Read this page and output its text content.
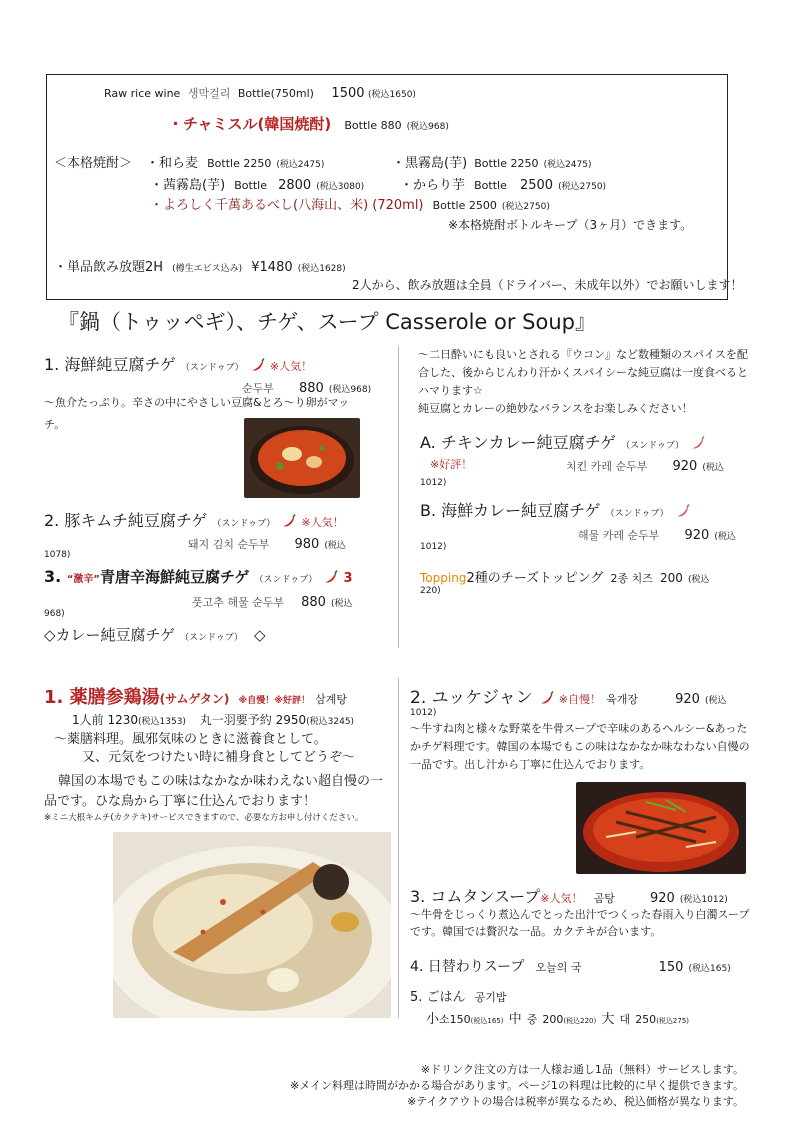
Raw rice wine 생막걸리 Bottle(750ml) 1500 (税込1650)
・チャミスル(韓国焼酎) Bottle 880 (税込968)
＜本格焼酎＞ ・和ら麦 Bottle 2250 (税込2475)	・黒霧島(芋) Bottle 2250 (税込2475)
・茜霧島(芋) Bottle 2800 (税込3080)	・からり芋 Bottle 2500 (税込2750)
・よろしく千萬あるべし(八海山、米) (720ml) Bottle 2500 (税込2750)
※本格焼酎ボトルキープ（3ヶ月）できます。
・単品飲み放題2H (樽生エビス込み) ¥1480 (税込1628)
2人から、飲み放題は全員（ドライバー、未成年以外）でお願いします！
『鍋（トゥッペギ）、チゲ、スープ Casserole or Soup』
1. 海鮮純豆腐チゲ （スンドゥブ） ※人気！
순두부 880 (税込968)
～魚介たっぷり。辛さの中にやさしい豆腐&とろ～り卵がマッチ。
2. 豚キムチ純豆腐チゲ （スンドゥブ） ※人気！
돼지 김치 순두부 980 (税込
1078)
3. “激辛”青唐辛海鮮純豆腐チゲ （スンドゥブ） 3
풋고추 해물 순두부 880 (税込
968)
◇カレー純豆腐チゲ （スンドゥブ） ◇
～二日酔いにも良いとされる『ウコン』など数種類のスパイスを配合した、後からじんわり汗かくスパイシーな純豆腐は一度食べるとハマります☆
純豆腐とカレーの絶妙なバランスをお楽しみください！
A. チキンカレー純豆腐チゲ （スンドゥブ）
※好評！	치킨 카레 순두부 920 (税込
1012)
B. 海鮮カレー純豆腐チゲ （スンドゥブ）
해물 카레 순두부 920 (税込
1012)
Topping2種のチーズトッピング 2종 치즈 200 (税込
220)
1. 薬膳参鶏湯(サムゲタン) ※自慢！※好評！ 삼계탕
1人前 1230(税込1353) 丸一羽要予約 2950(税込3245)
～薬膳料理。風邪気味のときに滋養食として。
又、元気をつけたい時に補身食としてどうぞ～
韓国の本場でもこの味はなかなか味わえない超自慢の一品です。ひな鳥から丁寧に仕込んでおります！
※ミニ大根キムチ(カクテキ)サービスできますので、必要な方お申し付けください。
2. ユッケジャン ※自慢！ 육개장	920 (税込
1012)
～牛すね肉と様々な野菜を牛骨スープで辛味のあるヘルシー&あったかチゲ料理です。韓国の本場でもこの味はなかなか味なわない自慢の一品です。出し汁から丁寧に仕込んでおります。
3. コムタンスープ※人気！ 곰탕	920 (税込1012)
～牛骨をじっくり煮込んでとった出汁でつくった春雨入り白濁スープです。韓国では贅沢な一品。カクテキが合います。
4. 日替わりスープ 오늘의 국	150 (税込165)
5. ごはん 공기밥
小소150(税込165) 中 중 200(税込220) 大 대 250(税込275)
※ドリンク注文の方は一人様お通し1品（無料）サービスします。
※メイン料理は時間がかかる場合があります。ページ1の料理は比較的に早く提供できます。
※テイクアウトの場合は税率が異なるため、税込価格が異なります。
